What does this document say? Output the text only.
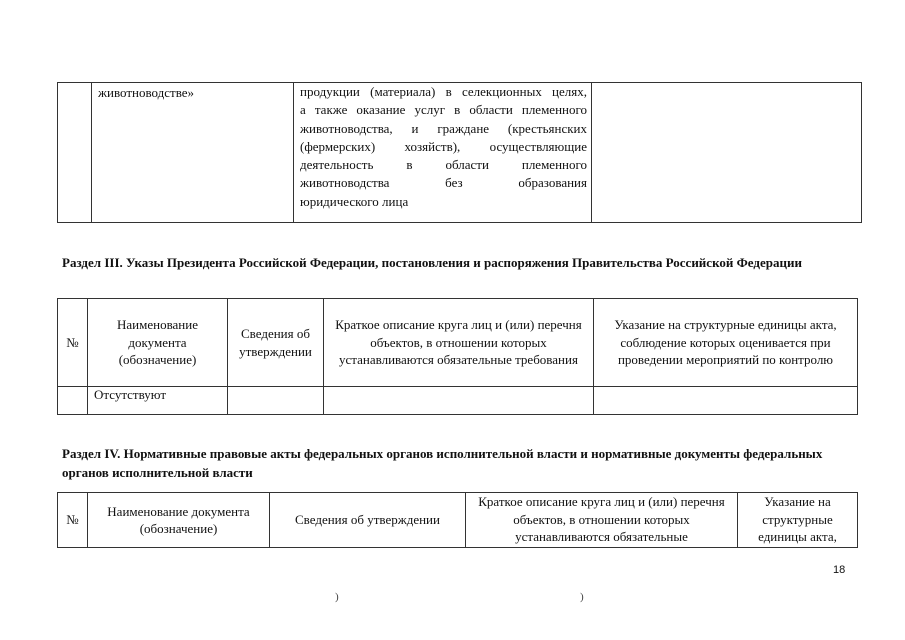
	животноводстве»	продукции (материала) в селекционных целях,
а также оказание услуг в области племенного
животноводства, и граждане (крестьянских
(фермерских) хозяйств), осуществляющие
деятельность в области племенного
животноводства без образования
юридического лица

Раздел III. Указы Президента Российской Федерации, постановления и распоряжения Правительства Российской Федерации
№	Наименование документа (обозначение)	Сведения об утверждении	Краткое описание круга лиц и (или) перечня объектов, в отношении которых устанавливаются обязательные требования	Указание на структурные единицы акта, соблюдение которых оценивается при проведении мероприятий по контролю
	Отсутствуют			
Раздел IV. Нормативные правовые акты федеральных органов исполнительной власти и нормативные документы федеральных органов исполнительной власти
№	Наименование документа (обозначение)	Сведения об утверждении	Краткое описание круга лиц и (или) перечня объектов, в отношении которых устанавливаются обязательные	Указание на структурные единицы акта,
18
)	)
